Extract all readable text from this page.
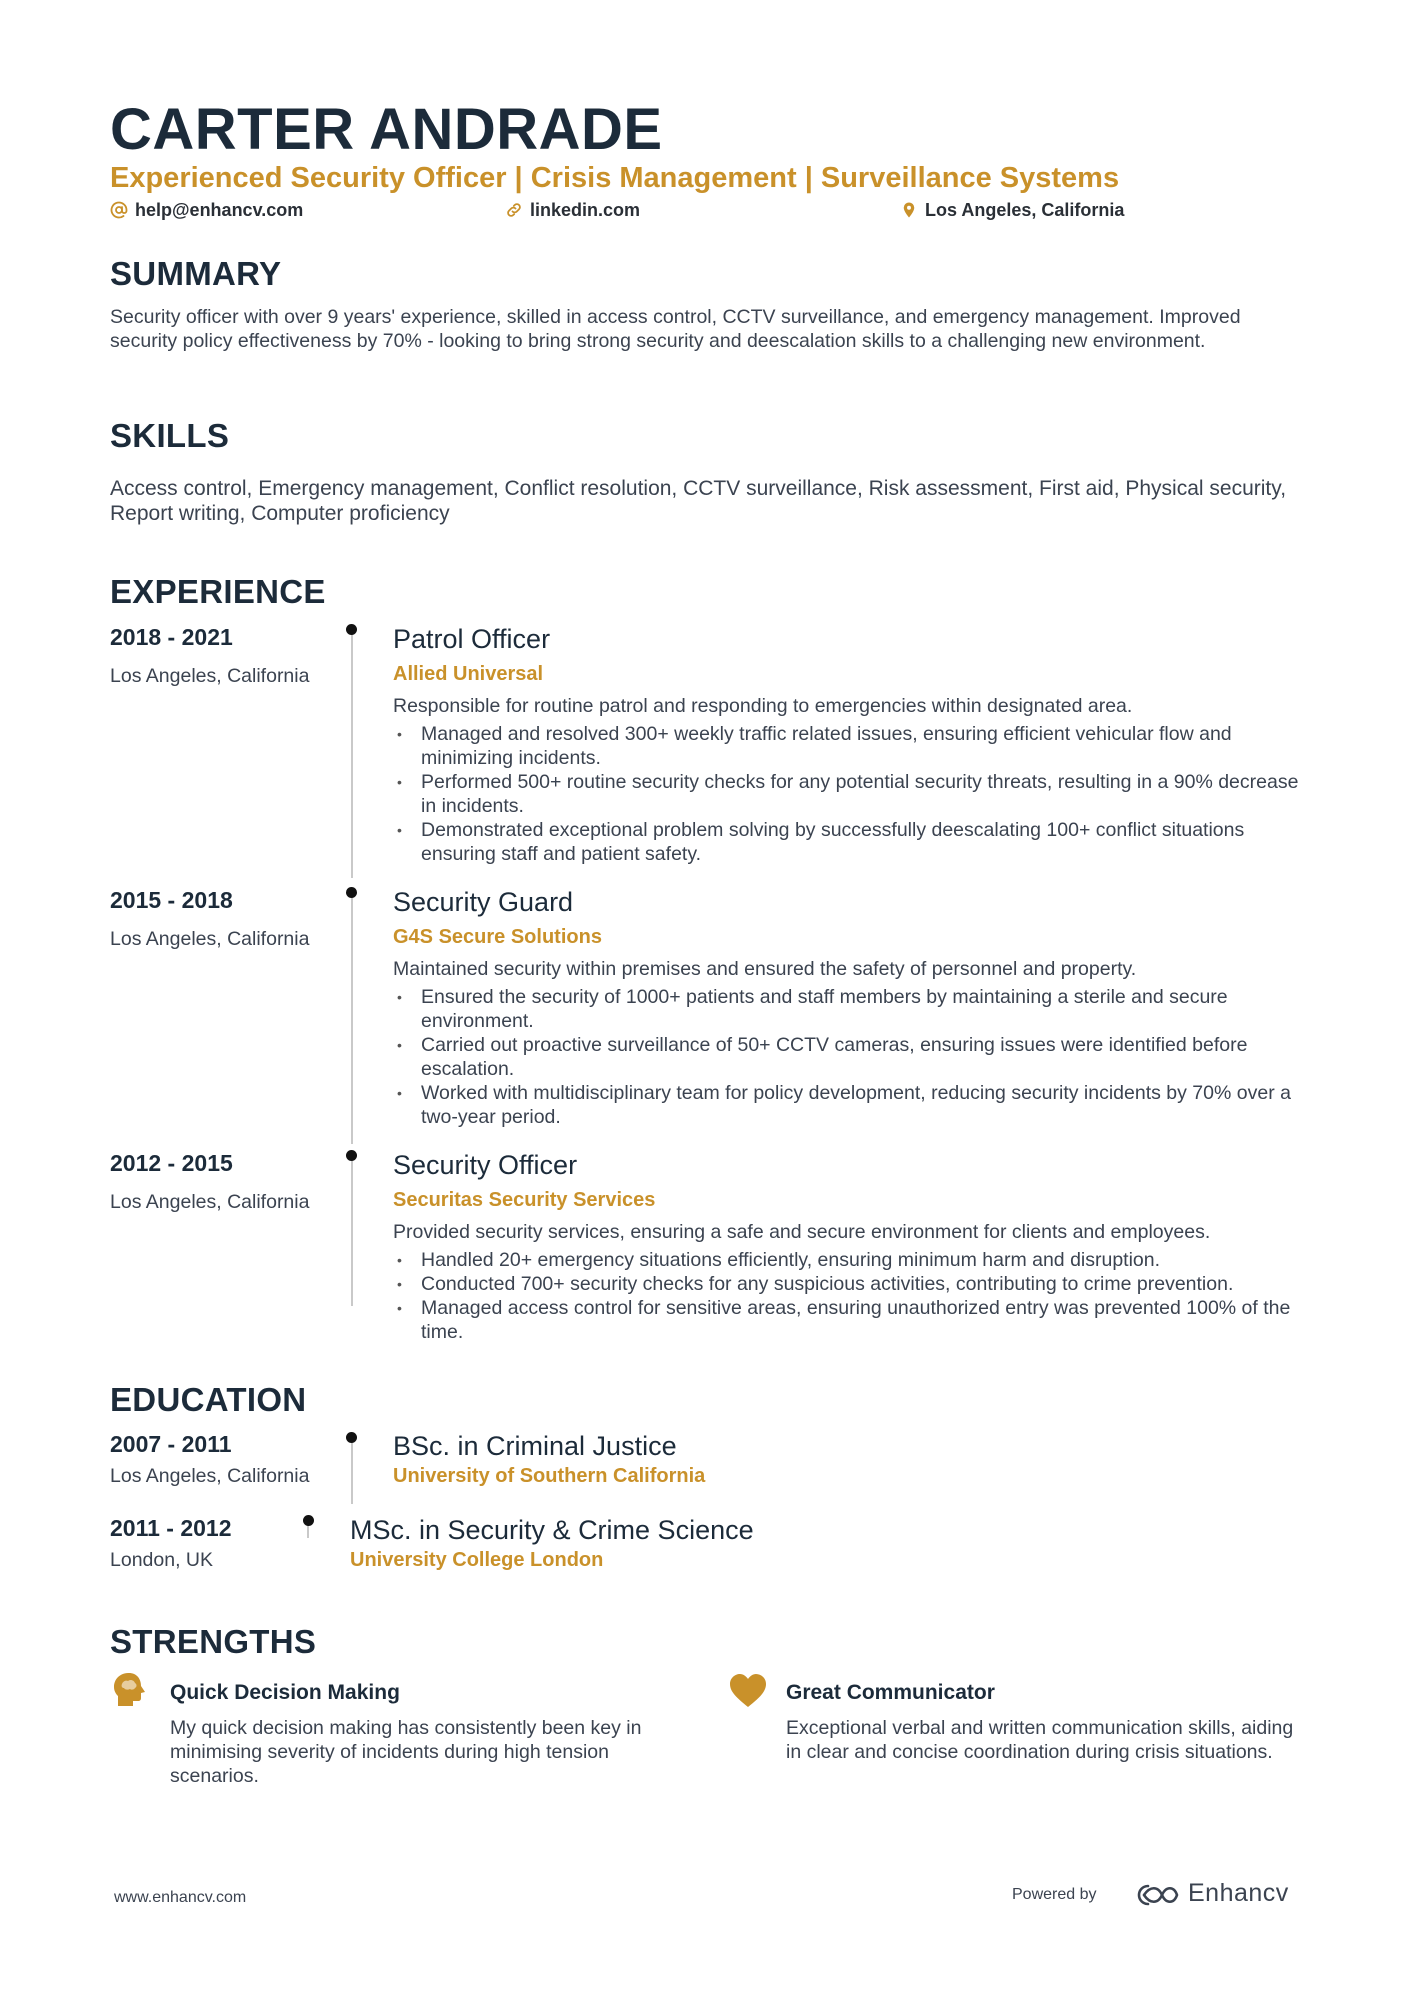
CARTER ANDRADE
Experienced Security Officer | Crisis Management | Surveillance Systems
help@enhancv.com	linkedin.com	Los Angeles, California
SUMMARY
Security officer with over 9 years' experience, skilled in access control, CCTV surveillance, and emergency management. Improved security policy effectiveness by 70% - looking to bring strong security and deescalation skills to a challenging new environment.
SKILLS
Access control, Emergency management, Conflict resolution, CCTV surveillance, Risk assessment, First aid, Physical security, Report writing, Computer proficiency
EXPERIENCE
2018 - 2021
Los Angeles, California
Patrol Officer
Allied Universal
Responsible for routine patrol and responding to emergencies within designated area.
• Managed and resolved 300+ weekly traffic related issues, ensuring efficient vehicular flow and minimizing incidents.
• Performed 500+ routine security checks for any potential security threats, resulting in a 90% decrease in incidents.
• Demonstrated exceptional problem solving by successfully deescalating 100+ conflict situations ensuring staff and patient safety.
2015 - 2018
Los Angeles, California
Security Guard
G4S Secure Solutions
Maintained security within premises and ensured the safety of personnel and property.
• Ensured the security of 1000+ patients and staff members by maintaining a sterile and secure environment.
• Carried out proactive surveillance of 50+ CCTV cameras, ensuring issues were identified before escalation.
• Worked with multidisciplinary team for policy development, reducing security incidents by 70% over a two-year period.
2012 - 2015
Los Angeles, California
Security Officer
Securitas Security Services
Provided security services, ensuring a safe and secure environment for clients and employees.
• Handled 20+ emergency situations efficiently, ensuring minimum harm and disruption.
• Conducted 700+ security checks for any suspicious activities, contributing to crime prevention.
• Managed access control for sensitive areas, ensuring unauthorized entry was prevented 100% of the time.
EDUCATION
2007 - 2011
Los Angeles, California
BSc. in Criminal Justice
University of Southern California
2011 - 2012
London, UK
MSc. in Security & Crime Science
University College London
STRENGTHS
Quick Decision Making
My quick decision making has consistently been key in minimising severity of incidents during high tension scenarios.
Great Communicator
Exceptional verbal and written communication skills, aiding in clear and concise coordination during crisis situations.
www.enhancv.com	Powered by	Enhancv
